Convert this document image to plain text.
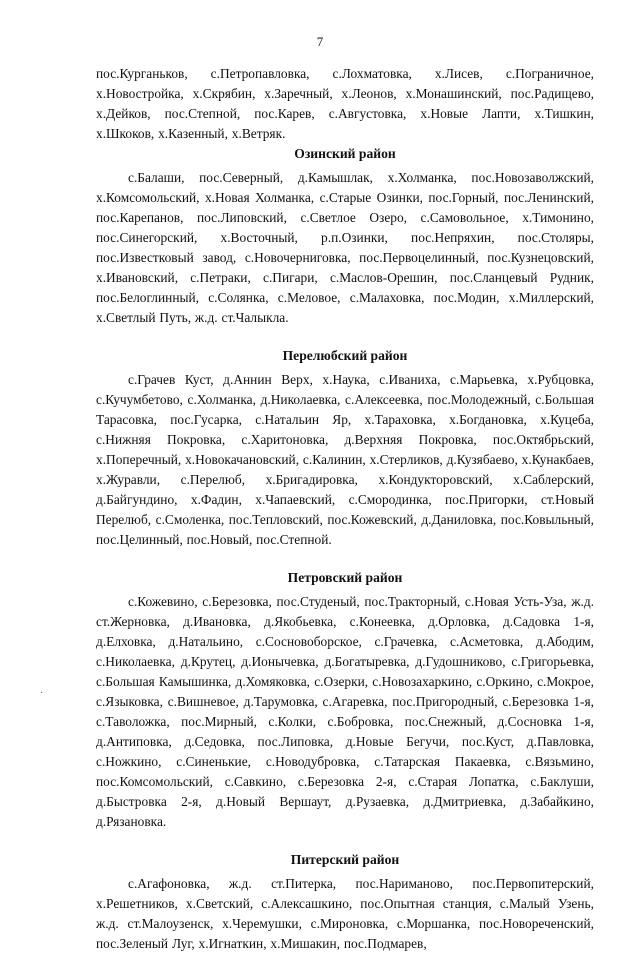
7

пос.Курганьков, с.Петропавловка, с.Лохматовка, х.Лисев, с.Пограничное, х.Новостройка, х.Скрябин, х.Заречный, х.Леонов, х.Монашинский, пос.Радищево, х.Дейков, пос.Степной, пос.Карев, с.Августовка, х.Новые Лапти, х.Тишкин, х.Шкоков, х.Казенный, х.Ветряк.

Озинский район

с.Балаши, пос.Северный, д.Камышлак, х.Холманка, пос.Новозаволжский, х.Комсомольский, х.Новая Холманка, с.Старые Озинки, пос.Горный, пос.Ленинский, пос.Карепанов, пос.Липовский, с.Светлое Озеро, с.Самовольное, х.Тимонино, пос.Синегорский, х.Восточный, р.п.Озинки, пос.Непряхин, пос.Столяры, пос.Известковый завод, с.Новочерниговка, пос.Первоцелинный, пос.Кузнецовский, х.Ивановский, с.Петраки, с.Пигари, с.Маслов-Орешин, пос.Сланцевый Рудник, пос.Белоглинный, с.Солянка, с.Меловое, с.Малаховка, пос.Модин, х.Миллерский, х.Светлый Путь, ж.д. ст.Чалыкла.

Перелюбский район

с.Грачев Куст, д.Аннин Верх, х.Наука, с.Иваниха, с.Марьевка, х.Рубцовка, с.Кучумбетово, с.Холманка, д.Николаевка, с.Алексеевка, пос.Молодежный, с.Большая Тарасовка, пос.Гусарка, с.Натальин Яр, х.Тараховка, х.Богдановка, х.Куцеба, с.Нижняя Покровка, с.Харитоновка, д.Верхняя Покровка, пос.Октябрьский, х.Поперечный, х.Новокачановский, с.Калинин, х.Стерликов, д.Кузябаево, х.Кунакбаев, х.Журавли, с.Перелюб, х.Бригадировка, х.Кондукторовский, х.Саблерский, д.Байгундино, х.Фадин, х.Чапаевский, с.Смородинка, пос.Пригорки, ст.Новый Перелюб, с.Смоленка, пос.Тепловский, пос.Кожевский, д.Даниловка, пос.Ковыльный, пос.Целинный, пос.Новый, пос.Степной.

Петровский район

с.Кожевино, с.Березовка, пос.Студеный, пос.Тракторный, с.Новая Усть-Уза, ж.д. ст.Жерновка, д.Ивановка, д.Якобьевка, с.Конеевка, д.Орловка, д.Садовка 1-я, д.Елховка, д.Натальино, с.Сосновоборское, с.Грачевка, с.Асметовка, д.Абодим, с.Николаевка, д.Крутец, д.Ионычевка, д.Богатыревка, д.Гудошниково, с.Григорьевка, с.Большая Камышинка, д.Хомяковка, с.Озерки, с.Новозахаркино, с.Оркино, с.Мокрое, с.Языковка, с.Вишневое, д.Тарумовка, с.Агаревка, пос.Пригородный, с.Березовка 1-я, с.Таволожка, пос.Мирный, с.Колки, с.Бобровка, пос.Снежный, д.Сосновка 1-я, д.Антиповка, д.Седовка, пос.Липовка, д.Новые Бегучи, пос.Куст, д.Павловка, с.Ножкино, с.Синенькие, с.Новодубровка, с.Татарская Пакаевка, с.Вязьмино, пос.Комсомольский, с.Савкино, с.Березовка 2-я, с.Старая Лопатка, с.Баклуши, д.Быстровка 2-я, д.Новый Вершаут, д.Рузаевка, д.Дмитриевка, д.Забайкино, д.Рязановка.

Питерский район

с.Агафоновка, ж.д. ст.Питерка, пос.Нариманово, пос.Первопитерский, х.Решетников, х.Светский, с.Алексашкино, пос.Опытная станция, с.Малый Узень, ж.д. ст.Малоузенск, х.Черемушки, с.Мироновка, с.Моршанка, пос.Новореченский, пос.Зеленый Луг, х.Игнаткин, х.Мишакин, пос.Подмарев,

·
